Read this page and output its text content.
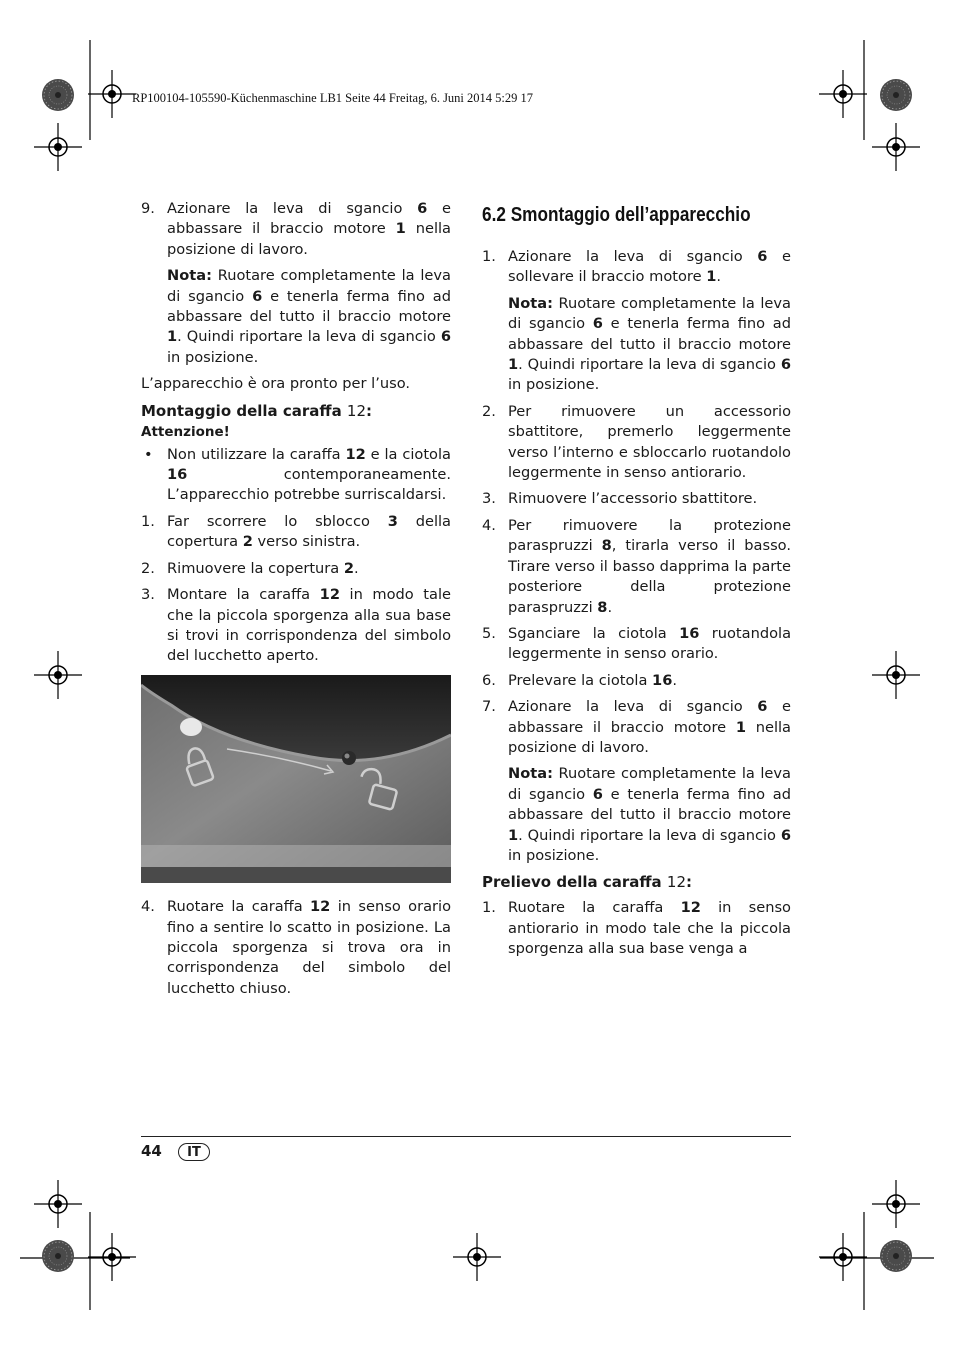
RP100104-105590-Küchenmaschine LB1 Seite 44 Freitag, 6. Juni 2014 5:29 17
9. Azionare la leva di sgancio 6 e abbassare il braccio motore 1 nella posizione di lavoro.
Nota: Ruotare completamente la leva di sgancio 6 e tenerla ferma fino ad abbassare del tutto il braccio motore 1. Quindi riportare la leva di sgancio 6 in posizione.
L’apparecchio è ora pronto per l’uso.
Montaggio della caraffa 12:
Attenzione!
• Non utilizzare la caraffa 12 e la ciotola 16 contemporaneamente. L’apparecchio potrebbe surriscaldarsi.
1. Far scorrere lo sblocco 3 della copertura 2 verso sinistra.
2. Rimuovere la copertura 2.
3. Montare la caraffa 12 in modo tale che la piccola sporgenza alla sua base si trovi in corrispondenza del simbolo del lucchetto aperto.
4. Ruotare la caraffa 12 in senso orario fino a sentire lo scatto in posizione. La piccola sporgenza si trova ora in corrispondenza del simbolo del lucchetto chiuso.
6.2 Smontaggio dell’apparecchio
1. Azionare la leva di sgancio 6 e sollevare il braccio motore 1.
Nota: Ruotare completamente la leva di sgancio 6 e tenerla ferma fino ad abbassare del tutto il braccio motore 1. Quindi riportare la leva di sgancio 6 in posizione.
2. Per rimuovere un accessorio sbattitore, premerlo leggermente verso l’interno e sbloccarlo ruotandolo leggermente in senso antiorario.
3. Rimuovere l’accessorio sbattitore.
4. Per rimuovere la protezione paraspruzzi 8, tirarla verso il basso. Tirare verso il basso dapprima la parte posteriore della protezione paraspruzzi 8.
5. Sganciare la ciotola 16 ruotandola leggermente in senso orario.
6. Prelevare la ciotola 16.
7. Azionare la leva di sgancio 6 e abbassare il braccio motore 1 nella posizione di lavoro.
Nota: Ruotare completamente la leva di sgancio 6 e tenerla ferma fino ad abbassare del tutto il braccio motore 1. Quindi riportare la leva di sgancio 6 in posizione.
Prelievo della caraffa 12:
1. Ruotare la caraffa 12 in senso antiorario in modo tale che la piccola sporgenza alla sua base venga a
44	IT
